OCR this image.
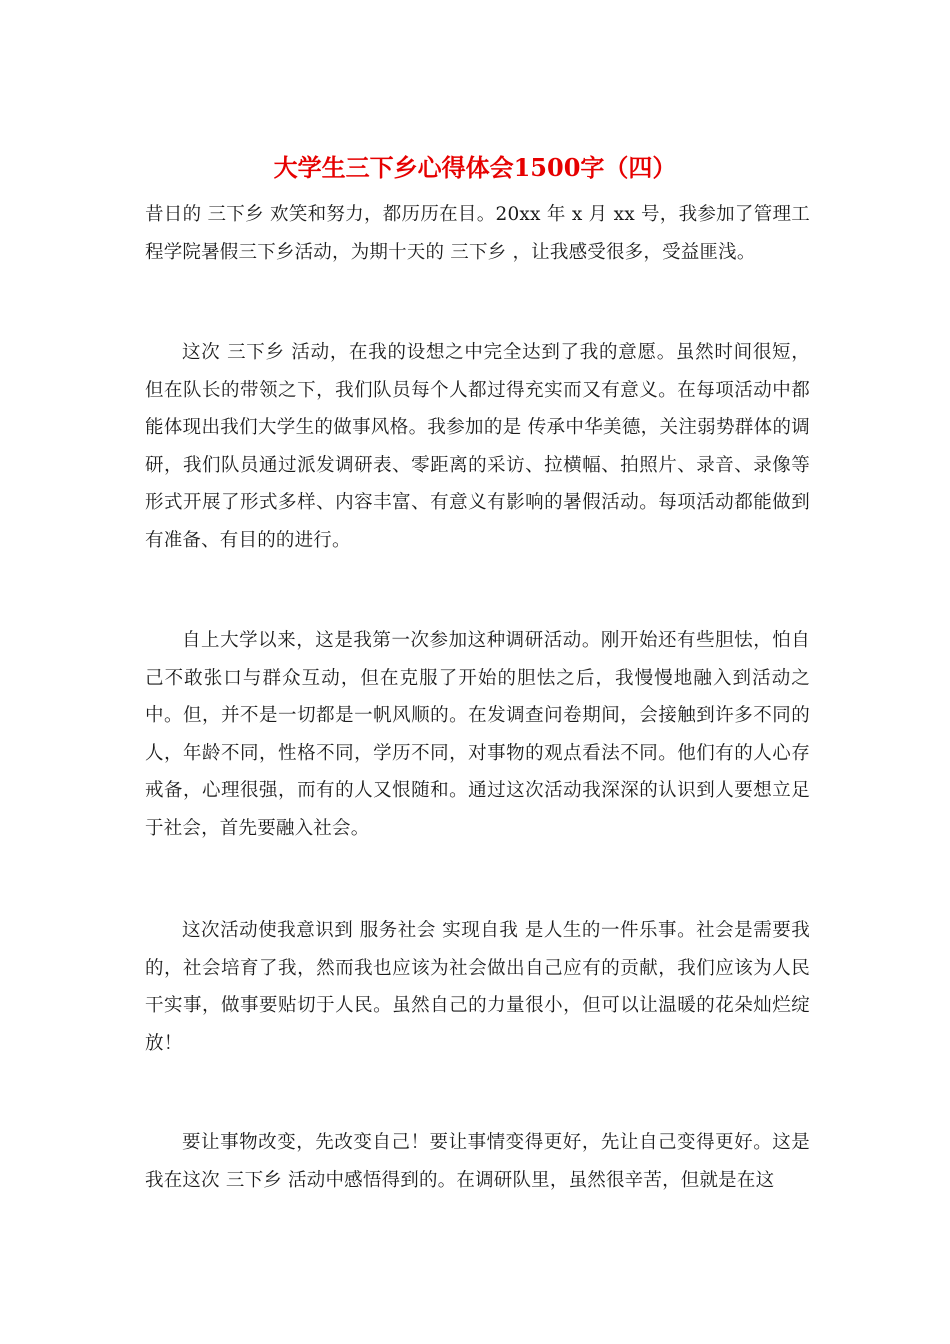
大学生三下乡心得体会1500字（四）

昔日的 三下乡 欢笑和努力，都历历在目。20xx 年 x 月 xx 号，我参加了管理工程学院暑假三下乡活动，为期十天的 三下乡 ，让我感受很多，受益匪浅。

这次 三下乡 活动，在我的设想之中完全达到了我的意愿。虽然时间很短，但在队长的带领之下，我们队员每个人都过得充实而又有意义。在每项活动中都能体现出我们大学生的做事风格。我参加的是 传承中华美德，关注弱势群体的调研，我们队员通过派发调研表、零距离的采访、拉横幅、拍照片、录音、录像等形式开展了形式多样、内容丰富、有意义有影响的暑假活动。每项活动都能做到有准备、有目的的进行。

自上大学以来，这是我第一次参加这种调研活动。刚开始还有些胆怯，怕自己不敢张口与群众互动，但在克服了开始的胆怯之后，我慢慢地融入到活动之中。但，并不是一切都是一帆风顺的。在发调查问卷期间，会接触到许多不同的人，年龄不同，性格不同，学历不同，对事物的观点看法不同。他们有的人心存戒备，心理很强，而有的人又恨随和。通过这次活动我深深的认识到人要想立足于社会，首先要融入社会。

这次活动使我意识到 服务社会 实现自我 是人生的一件乐事。社会是需要我的，社会培育了我，然而我也应该为社会做出自己应有的贡献，我们应该为人民干实事，做事要贴切于人民。虽然自己的力量很小，但可以让温暖的花朵灿烂绽放！

要让事物改变，先改变自己！要让事情变得更好，先让自己变得更好。这是我在这次 三下乡 活动中感悟得到的。在调研队里，虽然很辛苦，但就是在这
